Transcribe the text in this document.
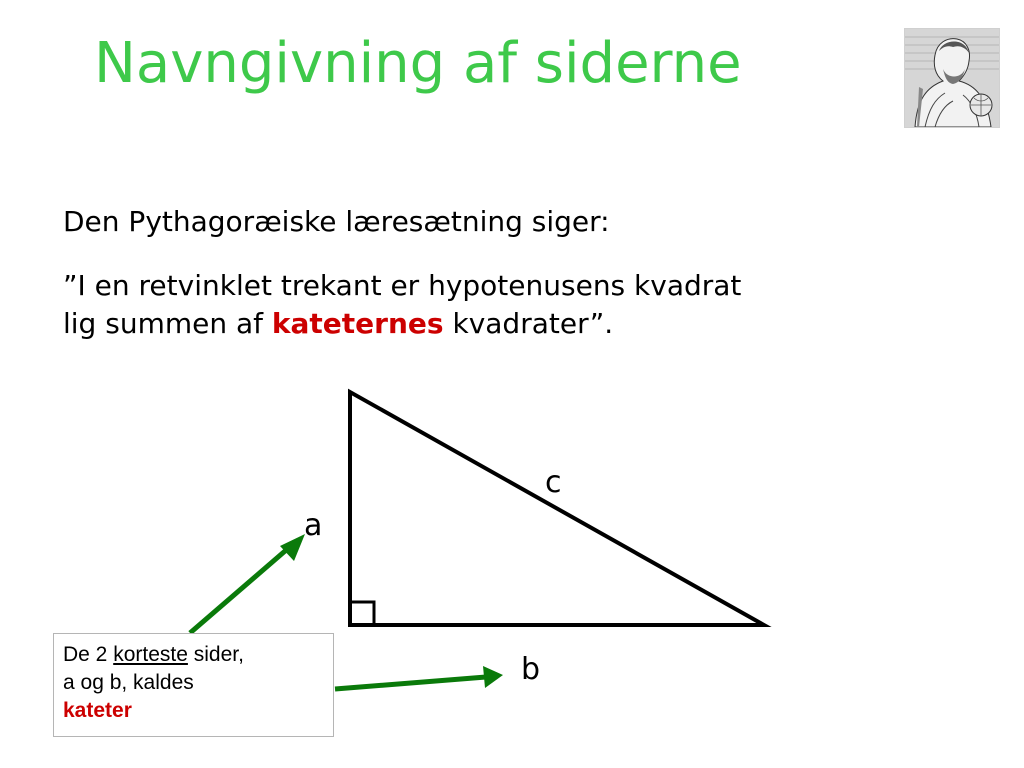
Navngivning af siderne
Den Pythagoræiske læresætning siger:
”I en retvinklet trekant er hypotenusens kvadrat
lig summen af kateternes kvadrater”.
c
a
b
De 2 korteste sider,
a og b, kaldes
kateter
